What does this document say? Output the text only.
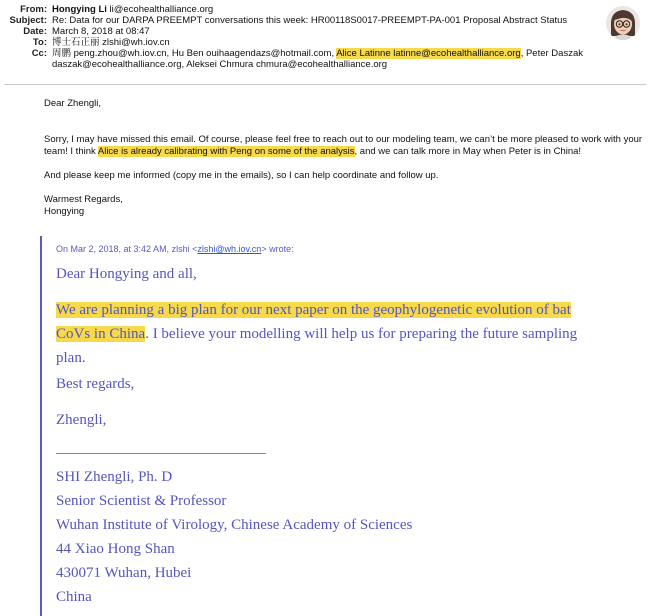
From: Hongying Li li@ecohealthalliance.org
Subject: Re: Data for our DARPA PREEMPT conversations this week: HR00118S0017-PREEMPT-PA-001 Proposal Abstract Status
Date: March 8, 2018 at 08:47
To: 博士石正丽 zlshi@wh.iov.cn
Cc: 周鹏 peng.zhou@wh.iov.cn, Hu Ben ouihaagendazs@hotmail.com, Alice Latinne latinne@ecohealthalliance.org, Peter Daszak
daszak@ecohealthalliance.org, Aleksei Chmura chmura@ecohealthalliance.org

Dear Zhengli,

Sorry, I may have missed this email. Of course, please feel free to reach out to our modeling team, we can’t be more pleased to work with your team! I think Alice is already calibrating with Peng on some of the analysis, and we can talk more in May when Peter is in China!

And please keep me informed (copy me in the emails), so I can help coordinate and follow up.

Warmest Regards,

Hongying

On Mar 2, 2018, at 3:42 AM, zlshi <zlshi@wh.iov.cn> wrote:
Dear Hongying and all,
We are planning a big plan for our next paper on the geophylogenetic evolution of bat
CoVs in China. I believe your modelling will help us for preparing the future sampling
plan.
Best regards,
Zhengli,
SHI Zhengli, Ph. D
Senior Scientist & Professor
Wuhan Institute of Virology, Chinese Academy of Sciences
44 Xiao Hong Shan
430071 Wuhan, Hubei
China
